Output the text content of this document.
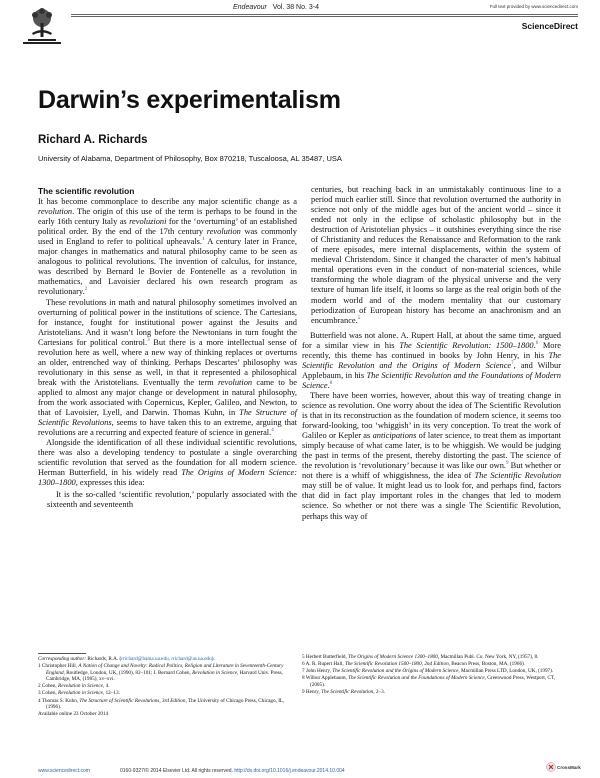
Endeavour Vol. 38 No. 3-4	Full text provided by www.sciencedirect.com
ScienceDirect
Darwin’s experimentalism
Richard A. Richards
University of Alabama, Department of Philosophy, Box 870218, Tuscaloosa, AL 35487, USA
The scientific revolution

It has become commonplace to describe any major scientific change as a revolution. The origin of this use of the term is perhaps to be found in the early 16th century Italy as revoluzioni for the ‘overturning’ of an established political order. By the end of the 17th century revolution was commonly used in England to refer to political upheavals.$^1$ A century later in France, major changes in mathematics and natural philosophy came to be seen as analogous to political revolutions. The invention of calculus, for instance, was described by Bernard le Bovier de Fontenelle as a revolution in mathematics, and Lavoisier declared his own research program as revolutionary.$^2$

These revolutions in math and natural philosophy sometimes involved an overturning of political power in the institutions of science. The Cartesians, for instance, fought for institutional power against the Jesuits and Aristotelians. And it wasn’t long before the Newtonians in turn fought the Cartesians for political control.$^3$ But there is a more intellectual sense of revolution here as well, where a new way of thinking replaces or overturns an older, entrenched way of thinking. Perhaps Descartes’ philosophy was revolutionary in this sense as well, in that it represented a philosophical break with the Aristotelians. Eventually the term revolution came to be applied to almost any major change or development in natural philosophy, from the work associated with Copernicus, Kepler, Galileo, and Newton, to that of Lavoisier, Lyell, and Darwin. Thomas Kuhn, in The Structure of Scientific Revolutions, seems to have taken this to an extreme, arguing that revolutions are a recurring and expected feature of science in general.$^4$

Alongside the identification of all these individual scientific revolutions, there was also a developing tendency to postulate a single overarching scientific revolution that served as the foundation for all modern science. Herman Butterfield, in his widely read The Origins of Modern Science: 1300–1800, expresses this idea:

It is the so-called ‘scientific revolution,’ popularly associated with the sixteenth and seventeenth

centuries, but reaching back in an unmistakably continuous line to a period much earlier still. Since that revolution overturned the authority in science not only of the middle ages but of the ancient world – since it ended not only in the eclipse of scholastic philosophy but in the destruction of Aristotelian physics – it outshines everything since the rise of Christianity and reduces the Renaissance and Reformation to the rank of mere episodes, mere internal displacements, within the system of medieval Christendom. Since it changed the character of men’s habitual mental operations even in the conduct of non-material sciences, while transforming the whole diagram of the physical universe and the very texture of human life itself, it looms so large as the real origin both of the modern world and of the modern mentality that our customary periodization of European history has become an anachronism and an encumbrance.$^5$

Butterfield was not alone. A. Rupert Hall, at about the same time, argued for a similar view in his The Scientific Revolution: 1500–1800.$^6$ More recently, this theme has continued in books by John Henry, in his The Scientific Revolution and the Origins of Modern Science$^7$, and Wilbur Applebaum, in his The Scientific Revolution and the Foundations of Modern Science.$^8$

There have been worries, however, about this way of treating change in science as revolution. One worry about the idea of The Scientific Revolution is that in its reconstruction as the foundation of modern science, it seems too forward-looking, too ‘whiggish’ in its very conception. To treat the work of Galileo or Kepler as anticipations of later science, to treat them as important simply because of what came later, is to be whiggish. We would be judging the past in terms of the present, thereby distorting the past. The science of the revolution is ‘revolutionary’ because it was like our own.$^9$ But whether or not there is a whiff of whiggishness, the idea of The Scientific Revolution may still be of value. It might lead us to look for, and perhaps find, factors that did in fact play important roles in the changes that led to modern science. So whether or not there was a single The Scientific Revolution, perhaps this way of

Corresponding author: Richards, R.A. (rrichard@bama.ua.edu, rrichard@as.ua.edu).
1 Christopher Hill, A Nation of Change and Novelty: Radical Politics, Religion and Literature in Seventeenth-Century England, Routledge, London, UK, (1990), 82–101; I. Bernard Cohen, Revolution in Science, Harvard Univ. Press, Cambridge, MA, (1985), xv–xvi.
2 Cohen, Revolution in Science, 4.
3 Cohen, Revolution in Science, 12–13.
4 Thomas S. Kuhn, The Structure of Scientific Revolutions, 3rd Edition, The University of Chicago Press, Chicago, IL, (1996).
Available online 23 October 2014
5 Herbert Butterfield, The Origins of Modern Science 1300–1800, Macmillan Publ. Co. New York, NY, (1957), 8.
6 A. R. Rupert Hall, The Scientific Revolution 1500–1800, 2nd Edition, Beacon Press, Boston, MA, (1966).
7 John Henry, The Scientific Revolution and the Origins of Modern Science, Macmillan Press LTD, London, UK, (1997).
8 Wilbur Applebaum, The Scientific Revolution and the Foundations of Modern Science, Greenwood Press, Westport, CT, (2005).
9 Henry, The Scientific Revolution, 2–3.
www.sciencedirect.com	0160-9327/© 2014 Elsevier Ltd. All rights reserved. http://dx.doi.org/10.1016/j.endeavour.2014.10.004
CrossMark
